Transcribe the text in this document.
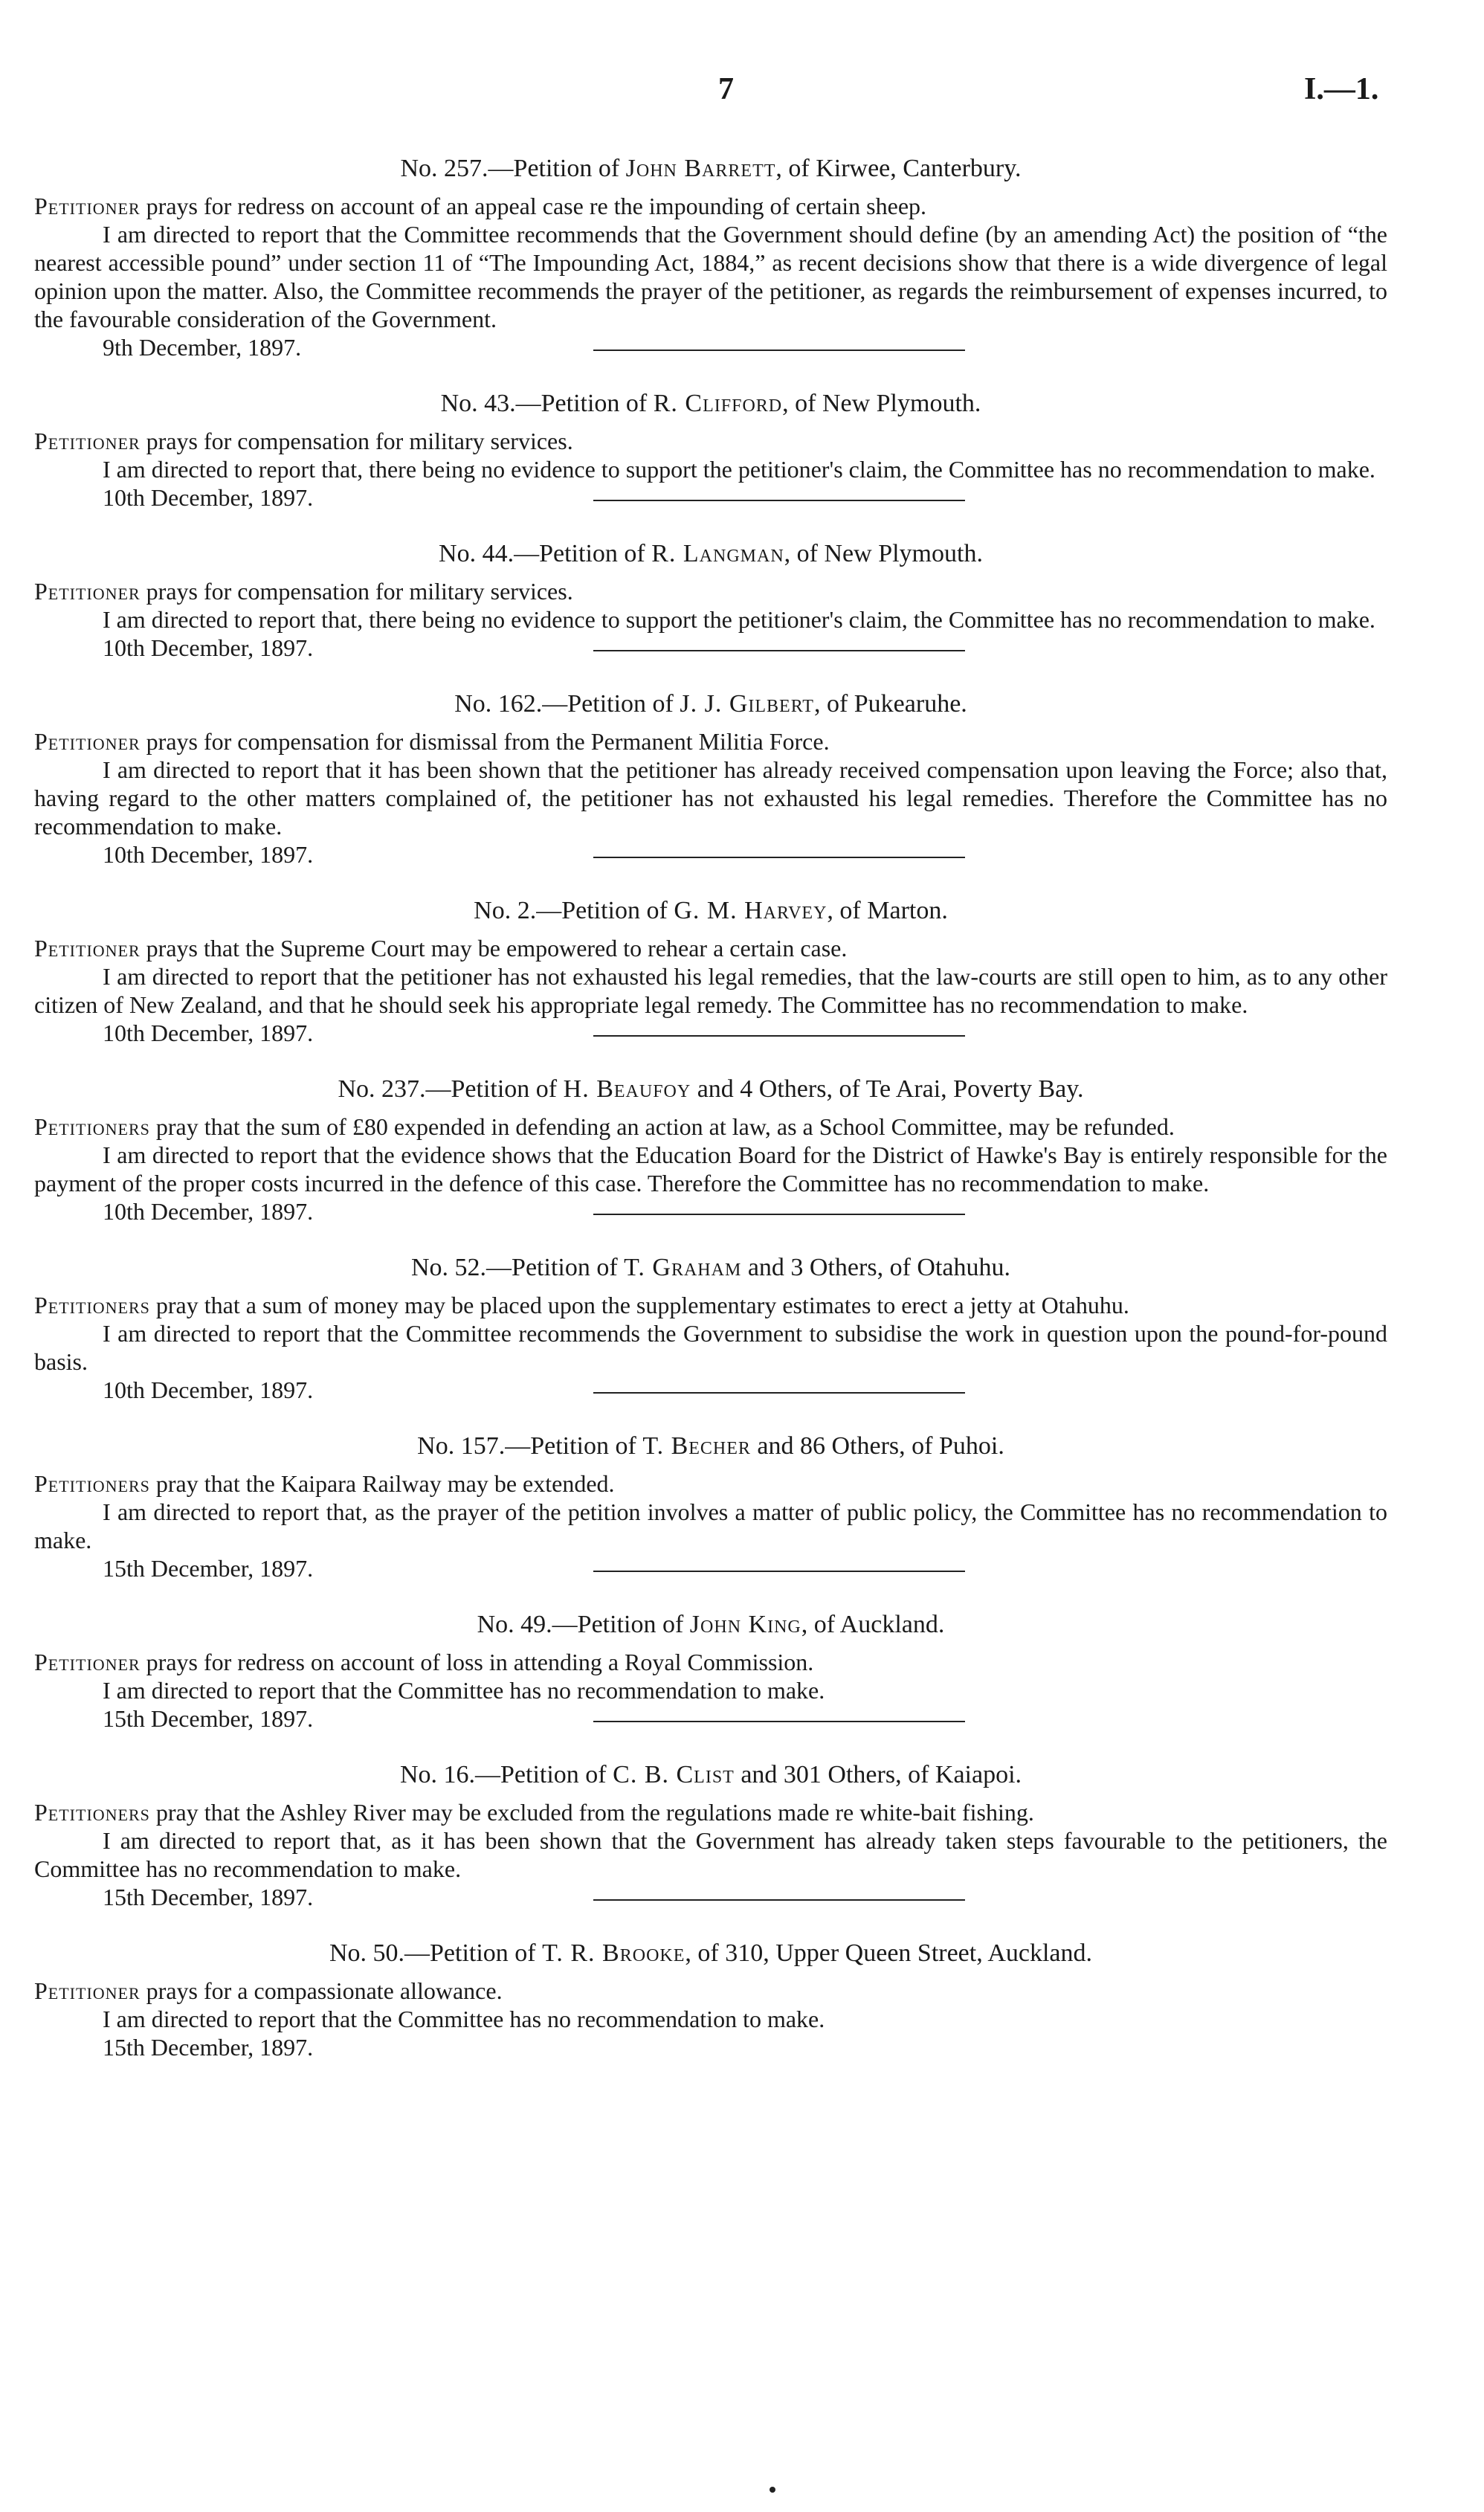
7	I.—1.

No. 257.—Petition of John Barrett, of Kirwee, Canterbury.

Petitioner prays for redress on account of an appeal case re the impounding of certain sheep.

I am directed to report that the Committee recommends that the Government should define (by an amending Act) the position of “the nearest accessible pound” under section 11 of “The Impounding Act, 1884,” as recent decisions show that there is a wide divergence of legal opinion upon the matter. Also, the Committee recommends the prayer of the petitioner, as regards the reimbursement of expenses incurred, to the favourable consideration of the Government.

9th December, 1897.

No. 43.—Petition of R. Clifford, of New Plymouth.

Petitioner prays for compensation for military services.

I am directed to report that, there being no evidence to support the petitioner's claim, the Committee has no recommendation to make.

10th December, 1897.

No. 44.—Petition of R. Langman, of New Plymouth.

Petitioner prays for compensation for military services.

I am directed to report that, there being no evidence to support the petitioner's claim, the Committee has no recommendation to make.

10th December, 1897.

No. 162.—Petition of J. J. Gilbert, of Pukearuhe.

Petitioner prays for compensation for dismissal from the Permanent Militia Force.

I am directed to report that it has been shown that the petitioner has already received compensation upon leaving the Force; also that, having regard to the other matters complained of, the petitioner has not exhausted his legal remedies. Therefore the Committee has no recommendation to make.

10th December, 1897.

No. 2.—Petition of G. M. Harvey, of Marton.

Petitioner prays that the Supreme Court may be empowered to rehear a certain case.

I am directed to report that the petitioner has not exhausted his legal remedies, that the law-courts are still open to him, as to any other citizen of New Zealand, and that he should seek his appropriate legal remedy. The Committee has no recommendation to make.

10th December, 1897.

No. 237.—Petition of H. Beaufoy and 4 Others, of Te Arai, Poverty Bay.

Petitioners pray that the sum of £80 expended in defending an action at law, as a School Committee, may be refunded.

I am directed to report that the evidence shows that the Education Board for the District of Hawke's Bay is entirely responsible for the payment of the proper costs incurred in the defence of this case. Therefore the Committee has no recommendation to make.

10th December, 1897.

No. 52.—Petition of T. Graham and 3 Others, of Otahuhu.

Petitioners pray that a sum of money may be placed upon the supplementary estimates to erect a jetty at Otahuhu.

I am directed to report that the Committee recommends the Government to subsidise the work in question upon the pound-for-pound basis.

10th December, 1897.

No. 157.—Petition of T. Becher and 86 Others, of Puhoi.

Petitioners pray that the Kaipara Railway may be extended.

I am directed to report that, as the prayer of the petition involves a matter of public policy, the Committee has no recommendation to make.

15th December, 1897.

No. 49.—Petition of John King, of Auckland.

Petitioner prays for redress on account of loss in attending a Royal Commission.

I am directed to report that the Committee has no recommendation to make.

15th December, 1897.

No. 16.—Petition of C. B. Clist and 301 Others, of Kaiapoi.

Petitioners pray that the Ashley River may be excluded from the regulations made re white-bait fishing.

I am directed to report that, as it has been shown that the Government has already taken steps favourable to the petitioners, the Committee has no recommendation to make.

15th December, 1897.

No. 50.—Petition of T. R. Brooke, of 310, Upper Queen Street, Auckland.

Petitioner prays for a compassionate allowance.

I am directed to report that the Committee has no recommendation to make.

15th December, 1897.
